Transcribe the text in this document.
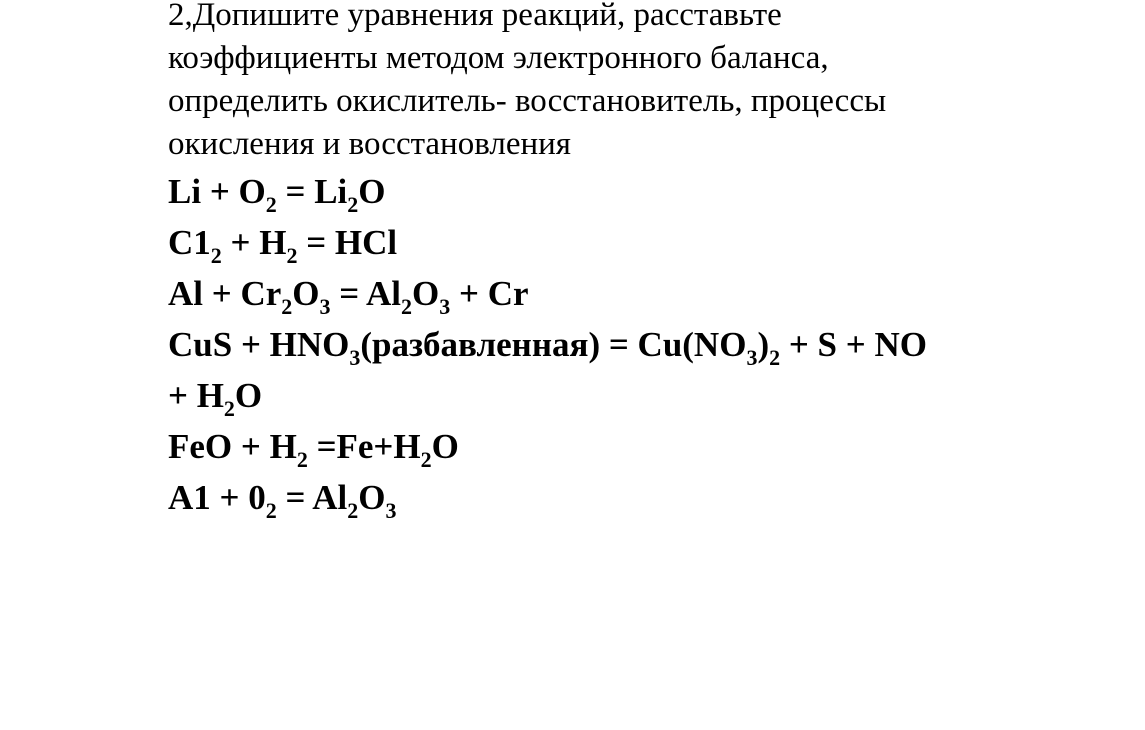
2,Допишите уравнения реакций, расставьте
коэффициенты методом электронного баланса,
определить окислитель- восстановитель, процессы
окисления и восстановления

$Li + O_2 = Li_2O$
$C1_2 + H_2$ = HCl
$Al + Cr_2O_3 = Al_2O_3 + Cr$
CuS + $HNO_3(разбавленная) = Cu(NO_3)_2 + S$ + NO
+ $H_2O$
FeO + $H_2 =Fe+H_2O$
$A1 + 0_2 = Al_2O_3$
